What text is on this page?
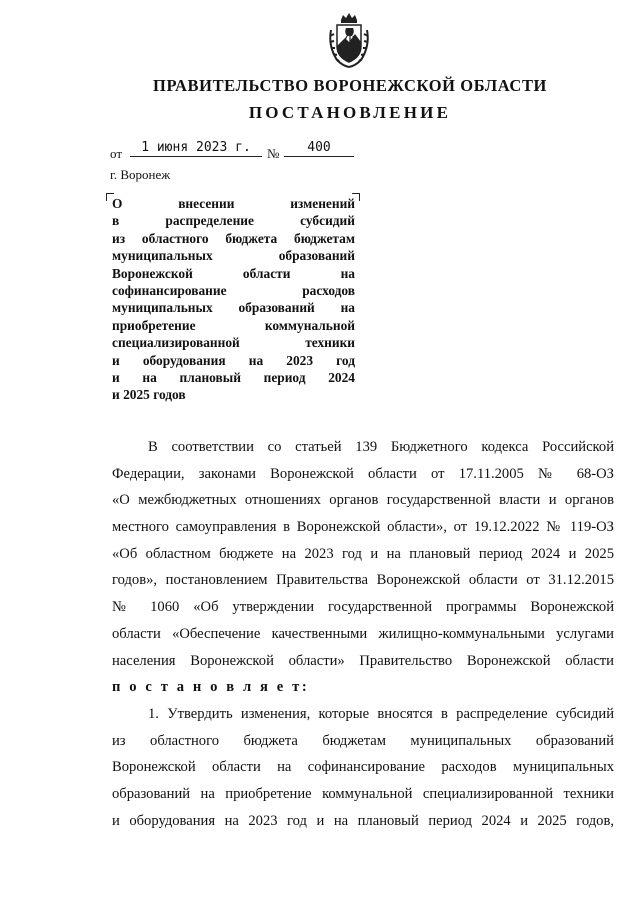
ПРАВИТЕЛЬСТВО ВОРОНЕЖСКОЙ ОБЛАСТИ
ПОСТАНОВЛЕНИЕ
от	1 июня 2023 г.	№	400
г. Воронеж
О внесении изменений
в распределение субсидий
из областного бюджета бюджетам
муниципальных образований
Воронежской области на
софинансирование расходов
муниципальных образований на
приобретение коммунальной
специализированной техники
и оборудования на 2023 год
и на плановый период 2024
и 2025 годов
В соответствии со статьей 139 Бюджетного кодекса Российской
Федерации, законами Воронежской области от 17.11.2005 № 68-ОЗ
«О межбюджетных отношениях органов государственной власти и органов
местного самоуправления в Воронежской области», от 19.12.2022 № 119-ОЗ
«Об областном бюджете на 2023 год и на плановый период 2024 и 2025
годов», постановлением Правительства Воронежской области от 31.12.2015
№ 1060 «Об утверждении государственной программы Воронежской
области «Обеспечение качественными жилищно-коммунальными услугами
населения Воронежской области» Правительство Воронежской области
п о с т а н о в л я е т:
1. Утвердить изменения, которые вносятся в распределение субсидий
из областного бюджета бюджетам муниципальных образований
Воронежской области на софинансирование расходов муниципальных
образований на приобретение коммунальной специализированной техники
и оборудования на 2023 год и на плановый период 2024 и 2025 годов,
